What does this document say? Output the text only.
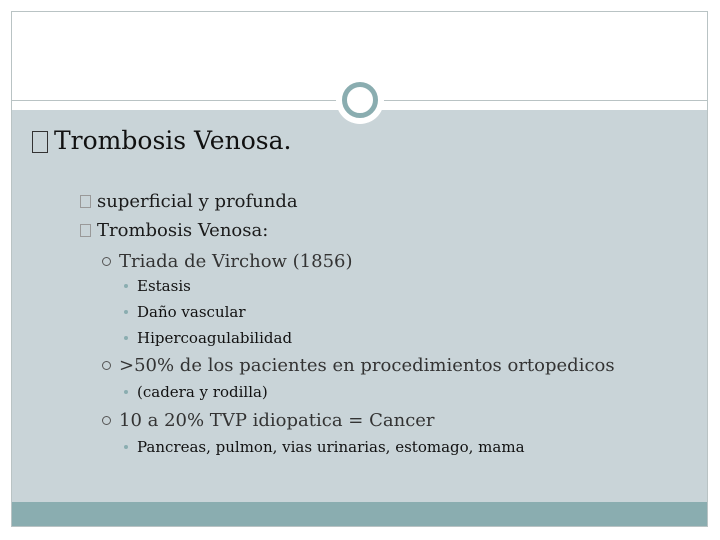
Trombosis Venosa.
superficial y profunda
Trombosis Venosa:
Triada de Virchow (1856)
Estasis
Daño vascular
Hipercoagulabilidad
>50% de los pacientes en procedimientos ortopedicos
(cadera y rodilla)
10 a 20% TVP idiopatica = Cancer
Pancreas, pulmon, vias urinarias, estomago, mama
